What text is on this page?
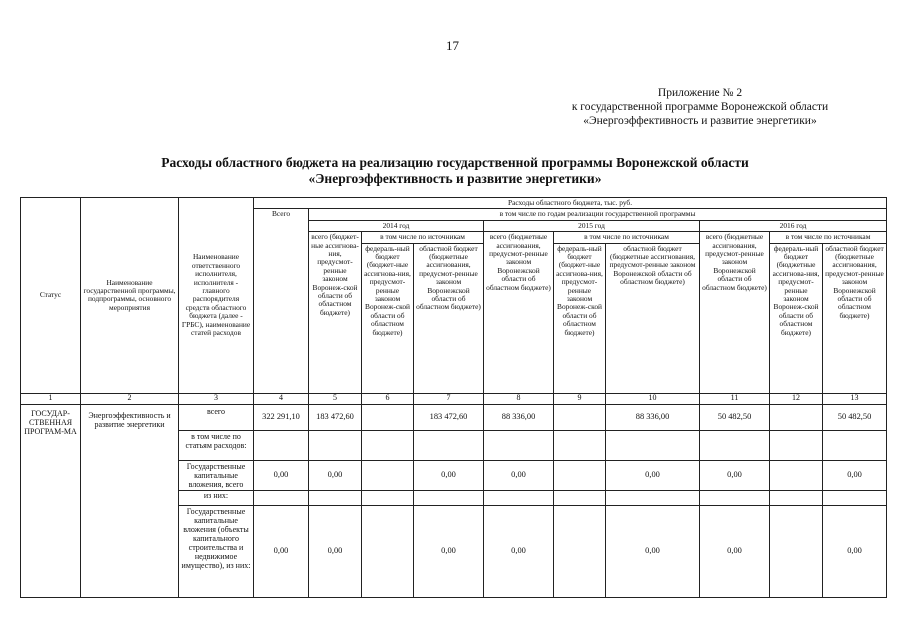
17
Приложение № 2
к государственной программе Воронежской области
«Энергоэффективность и развитие энергетики»
Расходы областного бюджета на реализацию государственной программы Воронежской области
«Энергоэффективность и развитие энергетики»
Статус	Наименование государственной программы, подпрограммы, основного мероприятия	Наименование ответственного исполнителя, исполнителя - главного распорядителя средств областного бюджета (далее - ГРБС), наименование статей расходов	Расходы областного бюджета, тыс. руб.									
			Всего	в том числе по годам реализации государственной программы								
				2014 год			2015 год			2016 год		
				всего (бюджет-ные ассигнова-ния, предусмот-ренные законом Воронеж-ской области об областном бюджете)	в том числе по источникам		всего (бюджетные ассигнования, предусмот-ренные законом Воронежской области об областном бюджете)	в том числе по источникам		всего (бюджетные ассигнования, предусмот-ренные законом Воронежской области об областном бюджете)	в том числе по источникам	
					федераль-ный бюджет (бюджет-ные ассигнова-ния, предусмот-ренные законом Воронеж-ской области об областном бюджете)	областной бюджет (бюджетные ассигнования, предусмот-ренные законом Воронежской области об областном бюджете)		федераль-ный бюджет (бюджет-ные ассигнова-ния, предусмот-ренные законом Воронеж-ской области об областном бюджете)	областной бюджет (бюджетные ассигнования, предусмот-ренные законом Воронежской области об областном бюджете)		федераль-ный бюджет (бюджетные ассигнова-ния, предусмот-ренные законом Воронеж-ской области об областном бюджете)	областной бюджет (бюджетные ассигнования, предусмот-ренные законом Воронежской области об областном бюджете)
1	2	3	4	5	6	7	8	9	10	11	12	13
ГОСУДАР-СТВЕННАЯ ПРОГРАМ-МА	Энергоэффективность и развитие энергетики	всего	322 291,10	183 472,60		183 472,60	88 336,00		88 336,00	50 482,50		50 482,50
		в том числе по статьям расходов:										
		Государственные капитальные вложения, всего	0,00	0,00		0,00	0,00		0,00	0,00		0,00
		из них:										
		Государственные капитальные вложения (объекты капитального строительства и недвижимое имущество), из них:	0,00	0,00		0,00	0,00		0,00	0,00		0,00
